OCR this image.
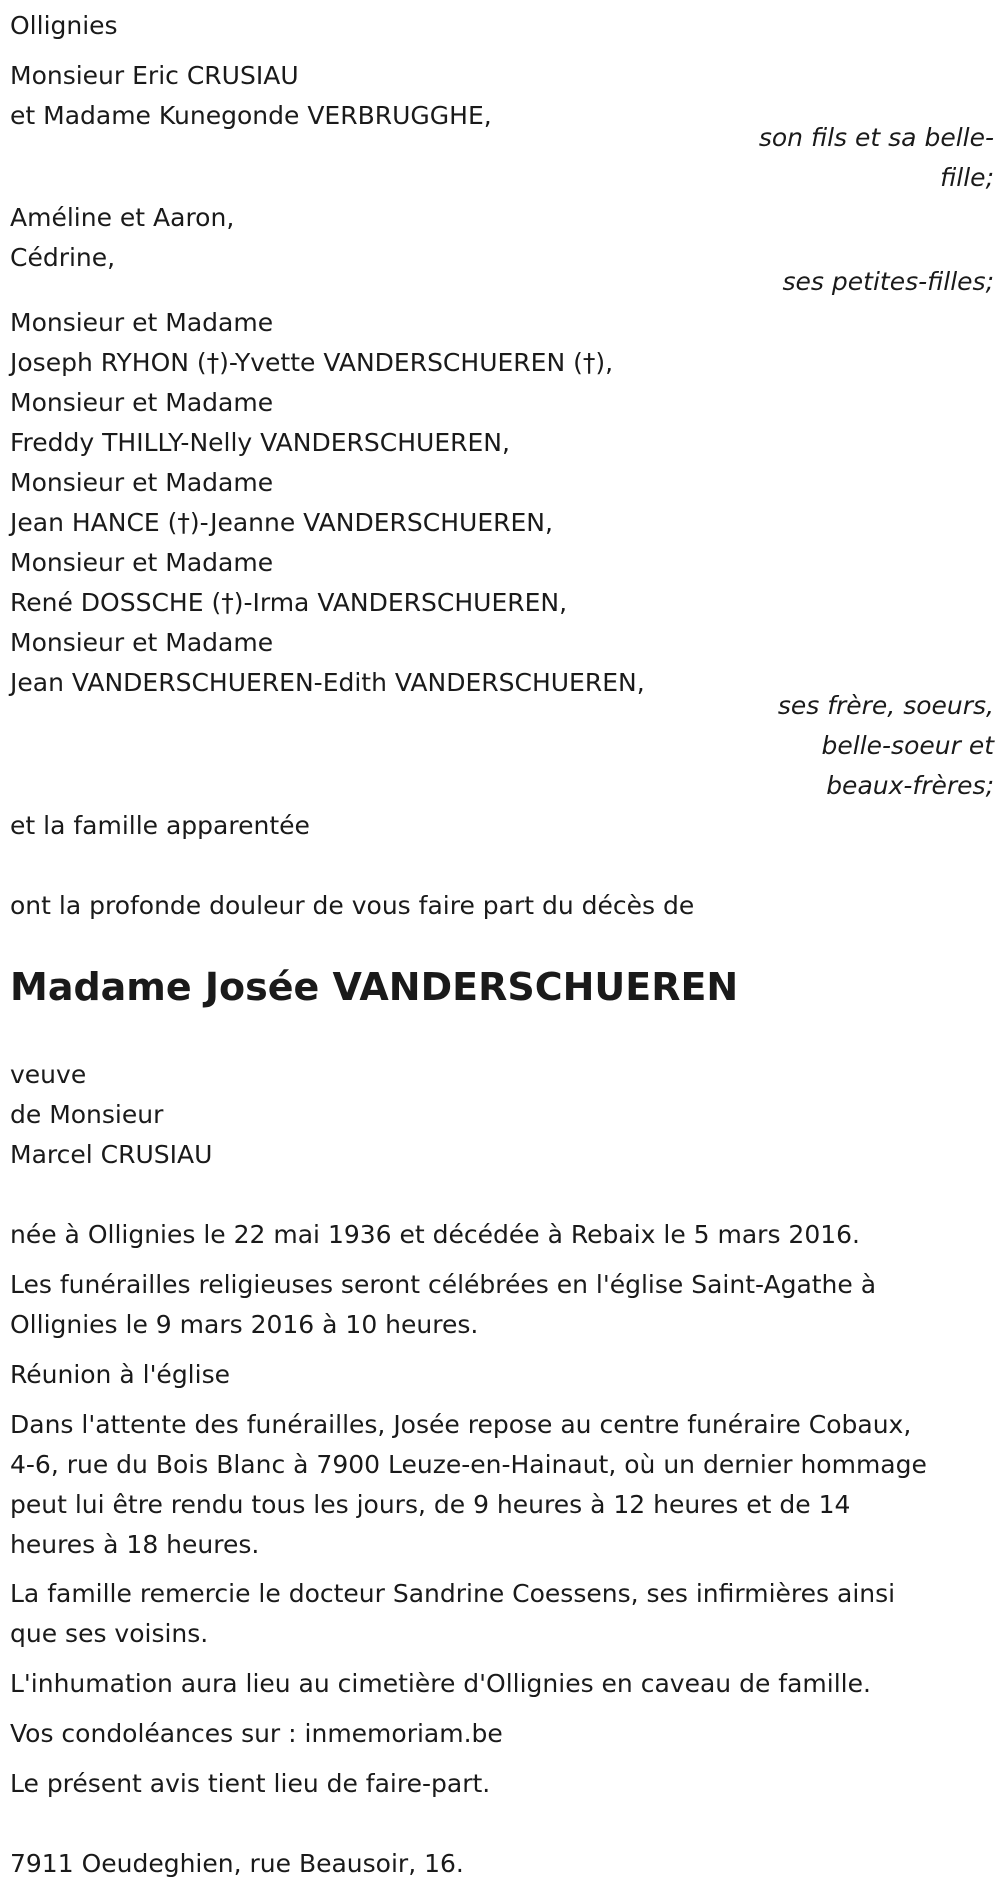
Ollignies
Monsieur Eric CRUSIAU
et Madame Kunegonde VERBRUGGHE,
son fils et sa belle-
fille;
Améline et Aaron,
Cédrine,
ses petites-filles;
Monsieur et Madame
Joseph RYHON (†)-Yvette VANDERSCHUEREN (†),
Monsieur et Madame
Freddy THILLY-Nelly VANDERSCHUEREN,
Monsieur et Madame
Jean HANCE (†)-Jeanne VANDERSCHUEREN,
Monsieur et Madame
René DOSSCHE (†)-Irma VANDERSCHUEREN,
Monsieur et Madame
Jean VANDERSCHUEREN-Edith VANDERSCHUEREN,
ses frère, soeurs,
belle-soeur et
beaux-frères;
et la famille apparentée
ont la profonde douleur de vous faire part du décès de
Madame Josée VANDERSCHUEREN
veuve
de Monsieur
Marcel CRUSIAU
née à Ollignies le 22 mai 1936 et décédée à Rebaix le 5 mars 2016.
Les funérailles religieuses seront célébrées en l'église Saint-Agathe à
Ollignies le 9 mars 2016 à 10 heures.
Réunion à l'église
Dans l'attente des funérailles, Josée repose au centre funéraire Cobaux,
4-6, rue du Bois Blanc à 7900 Leuze-en-Hainaut, où un dernier hommage
peut lui être rendu tous les jours, de 9 heures à 12 heures et de 14
heures à 18 heures.
La famille remercie le docteur Sandrine Coessens, ses infirmières ainsi
que ses voisins.
L'inhumation aura lieu au cimetière d'Ollignies en caveau de famille.
Vos condoléances sur : inmemoriam.be
Le présent avis tient lieu de faire-part.
7911 Oeudeghien, rue Beausoir, 16.
